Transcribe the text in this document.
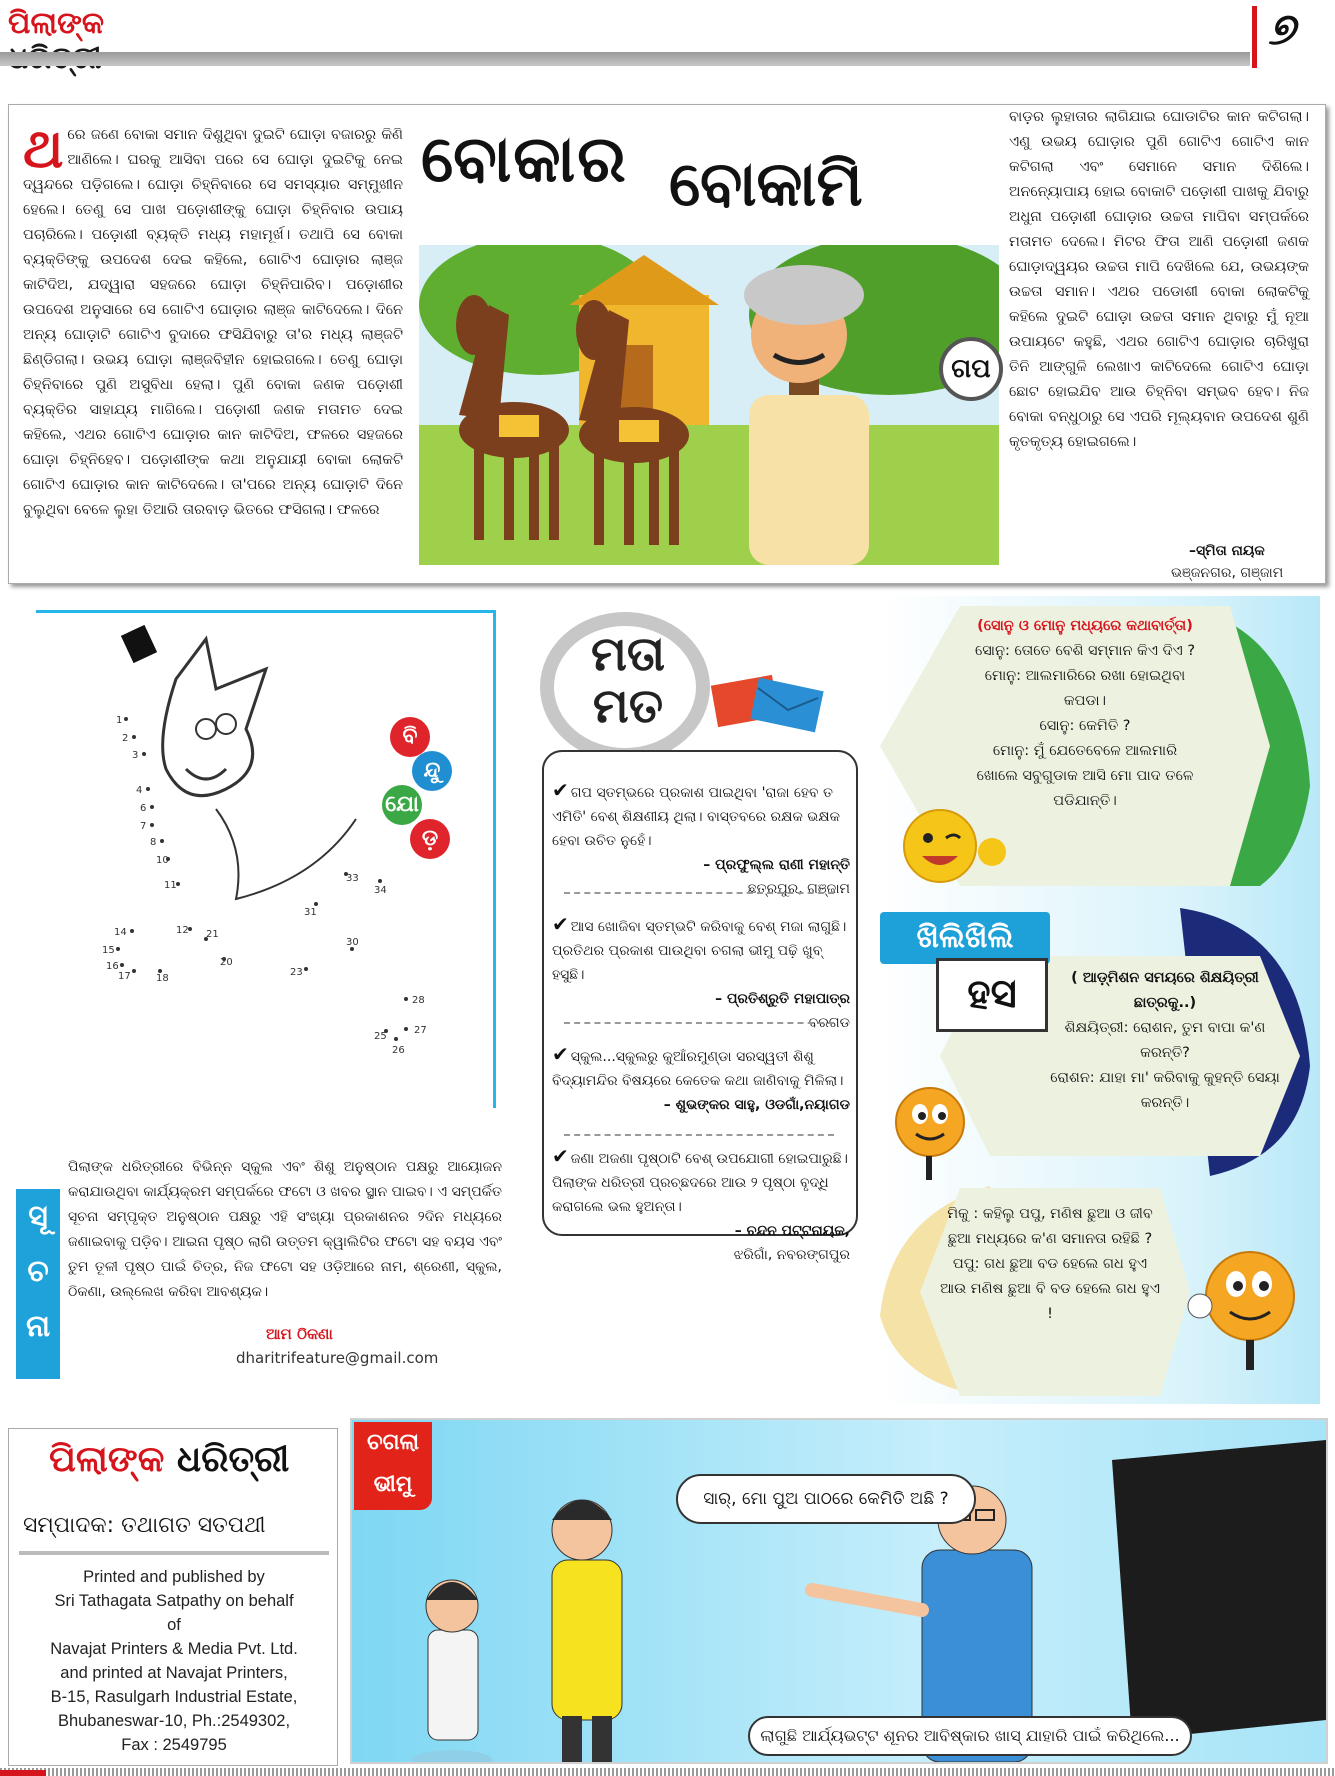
ପିଲାଙ୍କ	୭
ଥରେ ଜଣେ ବୋକା ସମାନ ଦିଶୁଥିବା ଦୁଇଟି ଘୋଡ଼ା ବଜାରରୁ କିଣି ଆଣିଲେ। ଘରକୁ ଆସିବା ପରେ ସେ ଘୋଡ଼ା ଦୁଇଟିକୁ ନେଇ ଦ୍ୱନ୍ଦରେ ପଡ଼ିଗଲେ। ଘୋଡ଼ା ଚିହ୍ନିବାରେ ସେ ସମସ୍ୟାର ସମ୍ମୁଖୀନ ହେଲେ। ତେଣୁ ସେ ପାଖ ପଡ଼ୋଶୀଙ୍କୁ ଘୋଡ଼ା ଚିହ୍ନିବାର ଉପାୟ ପଚାରିଲେ। ପଡ଼ୋଶୀ ବ୍ୟକ୍ତି ମଧ୍ୟ ମହାମୂର୍ଖ। ତଥାପି ସେ ବୋକା ବ୍ୟକ୍ତିଙ୍କୁ ଉପଦେଶ ଦେଇ କହିଲେ, ଗୋଟିଏ ଘୋଡ଼ାର ଲାଞ୍ଜ କାଟିଦିଅ, ଯଦ୍ୱାରା ସହଜରେ ଘୋଡ଼ା ଚିହ୍ନିପାରିବ। ପଡ଼ୋଶୀର ଉପଦେଶ ଅନୁସାରେ ସେ ଗୋଟିଏ ଘୋଡ଼ାର ଲାଞ୍ଜ କାଟିଦେଲେ। ଦିନେ ଅନ୍ୟ ଘୋଡ଼ାଟି ଗୋଟିଏ ବୁଦାରେ ଫସିଯିବାରୁ ତା'ର ମଧ୍ୟ ଲାଞ୍ଜଟି ଛିଣ୍ଡିଗଲା। ଉଭୟ ଘୋଡ଼ା ଲାଞ୍ଜବିହୀନ ହୋଇଗଲେ। ତେଣୁ ଘୋଡ଼ା ଚିହ୍ନିବାରେ ପୁଣି ଅସୁବିଧା ହେଲା। ପୁଣି ବୋକା ଜଣକ ପଡ଼ୋଶୀ ବ୍ୟକ୍ତିର ସାହାଯ୍ୟ ମାଗିଲେ। ପଡ଼ୋଶୀ ଜଣକ ମତାମତ ଦେଇ କହିଲେ, ଏଥର ଗୋଟିଏ ଘୋଡ଼ାର କାନ କାଟିଦିଅ, ଫଳରେ ସହଜରେ ଘୋଡ଼ା ଚିହ୍ନିହେବ। ପଡ଼ୋଶୀଙ୍କ କଥା ଅନୁଯାୟୀ ବୋକା ଲୋକଟି ଗୋଟିଏ ଘୋଡ଼ାର କାନ କାଟିଦେଲେ। ତା'ପରେ ଅନ୍ୟ ଘୋଡ଼ାଟି ଦିନେ ବୁଲୁଥିବା ବେଳେ ଲୁହା ତିଆରି ତାରବାଡ଼ ଭିତରେ ଫସିଗଲା। ଫଳରେ
ବୋକାର ବୋକାମି
ଗପ
ବାଡ଼ର ଲୁହାତାର ଲାଗିଯାଇ ଘୋଡାଟିର କାନ କଟିଗଲା। ଏଣୁ ଉଭୟ ଘୋଡ଼ାର ପୁଣି ଗୋଟିଏ ଗୋଟିଏ କାନ କଟିଗଲା ଏବଂ ସେମାନେ ସମାନ ଦିଶିଲେ। ଅନନ୍ୟୋପାୟ ହୋଇ ବୋକାଟି ପଡ଼ୋଶୀ ପାଖକୁ ଯିବାରୁ ଅଧୁନା ପଡ଼ୋଶୀ ଘୋଡ଼ାର ଉଚ୍ଚତା ମାପିବା ସମ୍ପର୍କରେ ମତାମତ ଦେଲେ। ମିଟର ଫିତା ଆଣି ପଡ଼ୋଶୀ ଜଣକ ଘୋଡ଼ାଦ୍ୱୟର ଉଚ୍ଚତା ମାପି ଦେଖିଲେ ଯେ, ଉଭୟଙ୍କ ଉଚ୍ଚତା ସମାନ। ଏଥର ପଡୋଶୀ ବୋକା ଲୋକଟିକୁ କହିଲେ ଦୁଇଟି ଘୋଡ଼ା ଉଚ୍ଚତା ସମାନ ଥିବାରୁ ମୁଁ ନୂଆ ଉପାୟଟେ କହୁଛି, ଏଥର ଗୋଟିଏ ଘୋଡ଼ାର ଚାରିଖୁରା ତିନି ଆଙ୍ଗୁଳି ଲେଖାଏ କାଟିଦେଲେ ଗୋଟିଏ ଘୋଡ଼ା ଛୋଟ ହୋଇଯିବ ଆଉ ଚିହ୍ନିବା ସମ୍ଭବ ହେବ। ନିଜ ବୋକା ବନ୍ଧୁଠାରୁ ସେ ଏପରି ମୂଲ୍ୟବାନ ଉପଦେଶ ଶୁଣି କୃତକୃତ୍ୟ ହୋଇଗଲେ।
–ସ୍ମିତା ନାୟକ
ଭଞ୍ଜନଗର, ଗଞ୍ଜାମ
1
2
3
4
6
7
8
10
11
14
15
16
17	18
12 21
20
23
31
33
34
30
28
27
25
26
ବି
ନ୍ଦୁ
ଯୋ
ଡ଼
ସୂ
ଚ
ନା
ପିଲାଙ୍କ ଧରିତ୍ରୀରେ ବିଭିନ୍ନ ସ୍କୁଲ ଏବଂ ଶିଶୁ ଅନୁଷ୍ଠାନ ପକ୍ଷରୁ ଆୟୋଜନ କରାଯାଉଥିବା କାର୍ଯ୍ୟକ୍ରମ ସମ୍ପର୍କରେ ଫଟୋ ଓ ଖବର ସ୍ଥାନ ପାଇବ। ଏ ସମ୍ପର୍କିତ ସୂଚନା ସମ୍ପୃକ୍ତ ଅନୁଷ୍ଠାନ ପକ୍ଷରୁ ଏହି ସଂଖ୍ୟା ପ୍ରକାଶନର ୨ଦିନ ମଧ୍ୟରେ ଜଣାଇବାକୁ ପଡ଼ିବ। ଆଇନା ପୃଷ୍ଠ ଲାଗି ଉତ୍ତମ କ୍ୱାଲିଟିର ଫଟୋ ସହ ବୟସ ଏବଂ ତୁମ ତୂଳୀ ପୃଷ୍ଠ ପାଇଁ ଚିତ୍ର, ନିଜ ଫଟୋ ସହ ଓଡ଼ିଆରେ ନାମ, ଶ୍ରେଣୀ, ସ୍କୁଲ, ଠିକଣା, ଉଲ୍ଲେଖ କରିବା ଆବଶ୍ୟକ।
ଆମ ଠିକଣା
dharitrifeature@gmail.com
ମତା
ମତ
✔ ଗପ ସ୍ତମ୍ଭରେ ପ୍ରକାଶ ପାଇଥିବା 'ରାଜା ହେବ ତ ଏମିତି' ବେଶ୍ ଶିକ୍ଷଣୀୟ ଥିଲା। ବାସ୍ତବରେ ରକ୍ଷକ ଭକ୍ଷକ ହେବା ଉଚିତ ନୁହେଁ।
– ପ୍ରଫୁଲ୍ଲ ରାଣୀ ମହାନ୍ତି
ଛତ୍ରପୁର, ଗଞ୍ଜାମ
✔ ଆସ ଖୋଜିବା ସ୍ତମ୍ଭଟି କରିବାକୁ ବେଶ୍ ମଜା ଲାଗୁଛି। ପ୍ରତିଥର ପ୍ରକାଶ ପାଉଥିବା ଚଗଲା ଭୀମୁ ପଢ଼ି ଖୁବ୍ ହସୁଛି।
– ପ୍ରତିଶ୍ରୁତି ମହାପାତ୍ର
ବରଗଡ
✔ ସ୍କୁଲ...ସ୍କୁଲରୁ କୁଆଁରମୁଣ୍ଡା ସରସ୍ୱତୀ ଶିଶୁ ବିଦ୍ୟାମନ୍ଦିର ବିଷୟରେ କେତେକ କଥା ଜାଣିବାକୁ ମିଳିଲା।
– ଶୁଭଙ୍କର ସାହୁ, ଓଡଗାଁ,ନୟାଗଡ
✔ ଜଣା ଅଜଣା ପୃଷ୍ଠାଟି ବେଶ୍ ଉପଯୋଗୀ ହୋଇପାରୁଛି। ପିଲାଙ୍କ ଧରିତ୍ରୀ ପ୍ରଚ୍ଛଦରେ ଆଉ ୨ ପୃଷ୍ଠା ବୃଦ୍ଧି କରାଗଲେ ଭଲ ହୁଅନ୍ତା।
– ଚନ୍ଦନ ପଟ୍ଟନାୟକ,
ଝରିଗାଁ, ନବରଙ୍ଗପୁର
(ସୋନୁ ଓ ମୋନୁ ମଧ୍ୟରେ କଥାବାର୍ତ୍ତା)
ସୋନୁ: ତୋତେ ବେଶି ସମ୍ମାନ କିଏ ଦିଏ ?
ମୋନୁ: ଆଲମାରିରେ ରଖା ହୋଇଥିବା କପଡା।
ସୋନୁ: କେମିତି ?
ମୋନୁ: ମୁଁ ଯେତେବେଳେ ଆଲମାରି ଖୋଲେ ସବୁଗୁଡାକ ଆସି ମୋ ପାଦ ତଳେ ପଡିଯାନ୍ତି।
ଖିଲିଖିଲି
ହସ	( ଆଡ଼୍‌ମିଶନ ସମୟରେ ଶିକ୍ଷୟିତ୍ରୀ ଛାତ୍ରକୁ..)
ଶିକ୍ଷୟିତ୍ରୀ: ରୋଶନ, ତୁମ ବାପା କ'ଣ କରନ୍ତି?
ରୋଶନ: ଯାହା ମା' କରିବାକୁ କୁହନ୍ତି ସେୟା କରନ୍ତି।
ମିକୁ : କହିଲୁ ପପୁ, ମଣିଷ ଛୁଆ ଓ ଜୀବ ଛୁଆ ମଧ୍ୟରେ କ'ଣ ସମାନତା ରହିଛି ?
ପପୁ: ଗଧ ଛୁଆ ବଡ ହେଲେ ଗଧ ହୁଏ ଆଉ ମଣିଷ ଛୁଆ ବି ବଡ ହେଲେ ଗଧ ହୁଏ !
ପିଲାଙ୍କ ଧରିତ୍ରୀ
ସମ୍ପାଦକ: ତଥାଗତ ସତପଥୀ
Printed and published by
Sri Tathagata Satpathy on behalf
of
Navajat Printers & Media Pvt. Ltd.
and printed at Navajat Printers,
B-15, Rasulgarh Industrial Estate,
Bhubaneswar-10, Ph.:2549302,
Fax : 2549795
ଚଗଲା
ଭୀମୁ
ସାର୍, ମୋ ପୁଅ ପାଠରେ କେମିତି ଅଛି ?
ଲାଗୁଛି ଆର୍ଯ୍ୟଭଟ୍ଟ ଶୂନର ଆବିଷ୍କାର ଖାସ୍ ଯାହାରି ପାଇଁ କରିଥିଲେ...
